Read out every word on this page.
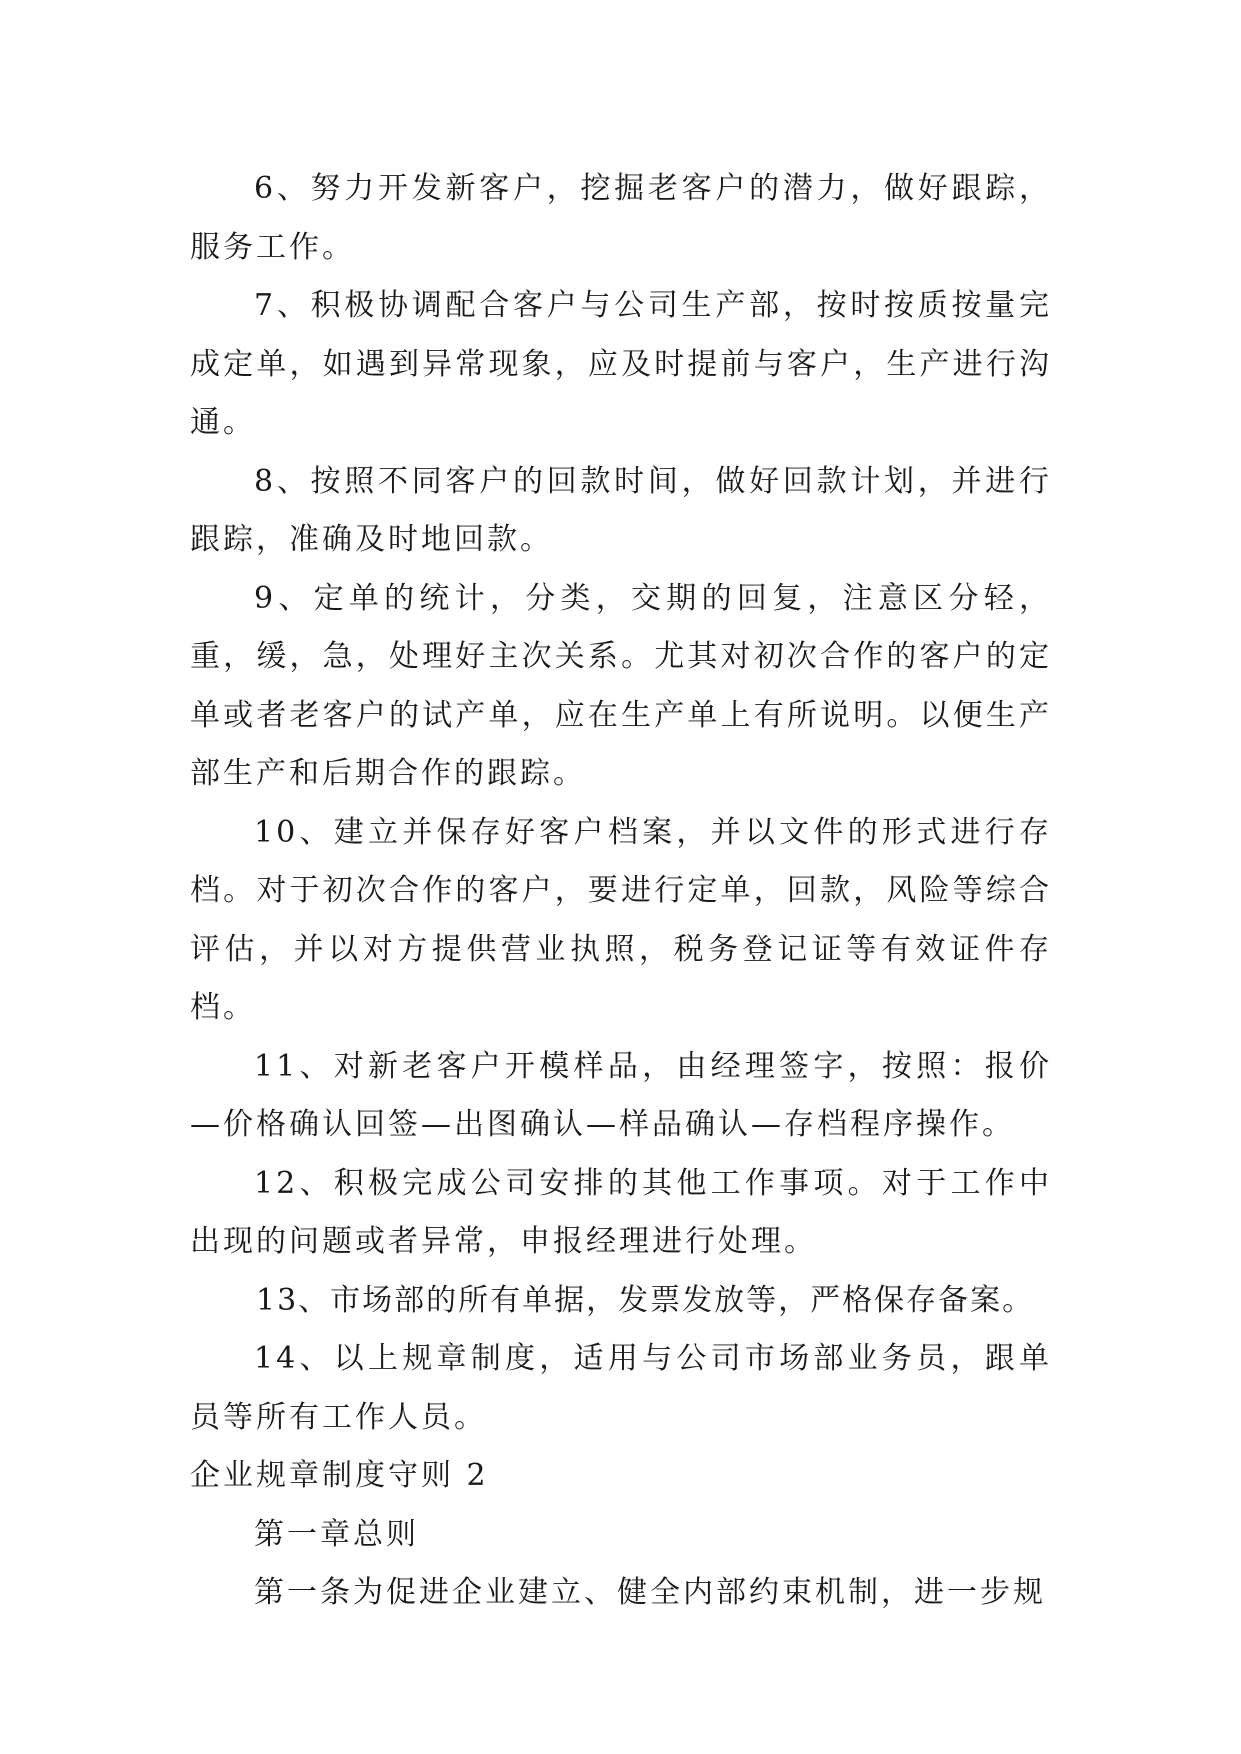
6、努力开发新客户，挖掘老客户的潜力，做好跟踪，服务工作。

7、积极协调配合客户与公司生产部，按时按质按量完成定单，如遇到异常现象，应及时提前与客户，生产进行沟通。

8、按照不同客户的回款时间，做好回款计划，并进行跟踪，准确及时地回款。

9、定单的统计，分类，交期的回复，注意区分轻，重，缓，急，处理好主次关系。尤其对初次合作的客户的定单或者老客户的试产单，应在生产单上有所说明。以便生产部生产和后期合作的跟踪。

10、建立并保存好客户档案，并以文件的形式进行存档。对于初次合作的客户，要进行定单，回款，风险等综合评估，并以对方提供营业执照，税务登记证等有效证件存档。

11、对新老客户开模样品，由经理签字，按照：报价—价格确认回签—出图确认—样品确认—存档程序操作。

12、积极完成公司安排的其他工作事项。对于工作中出现的问题或者异常，申报经理进行处理。

13、市场部的所有单据，发票发放等，严格保存备案。

14、以上规章制度，适用与公司市场部业务员，跟单员等所有工作人员。

企业规章制度守则 2

第一章总则

第一条为促进企业建立、健全内部约束机制，进一步规
